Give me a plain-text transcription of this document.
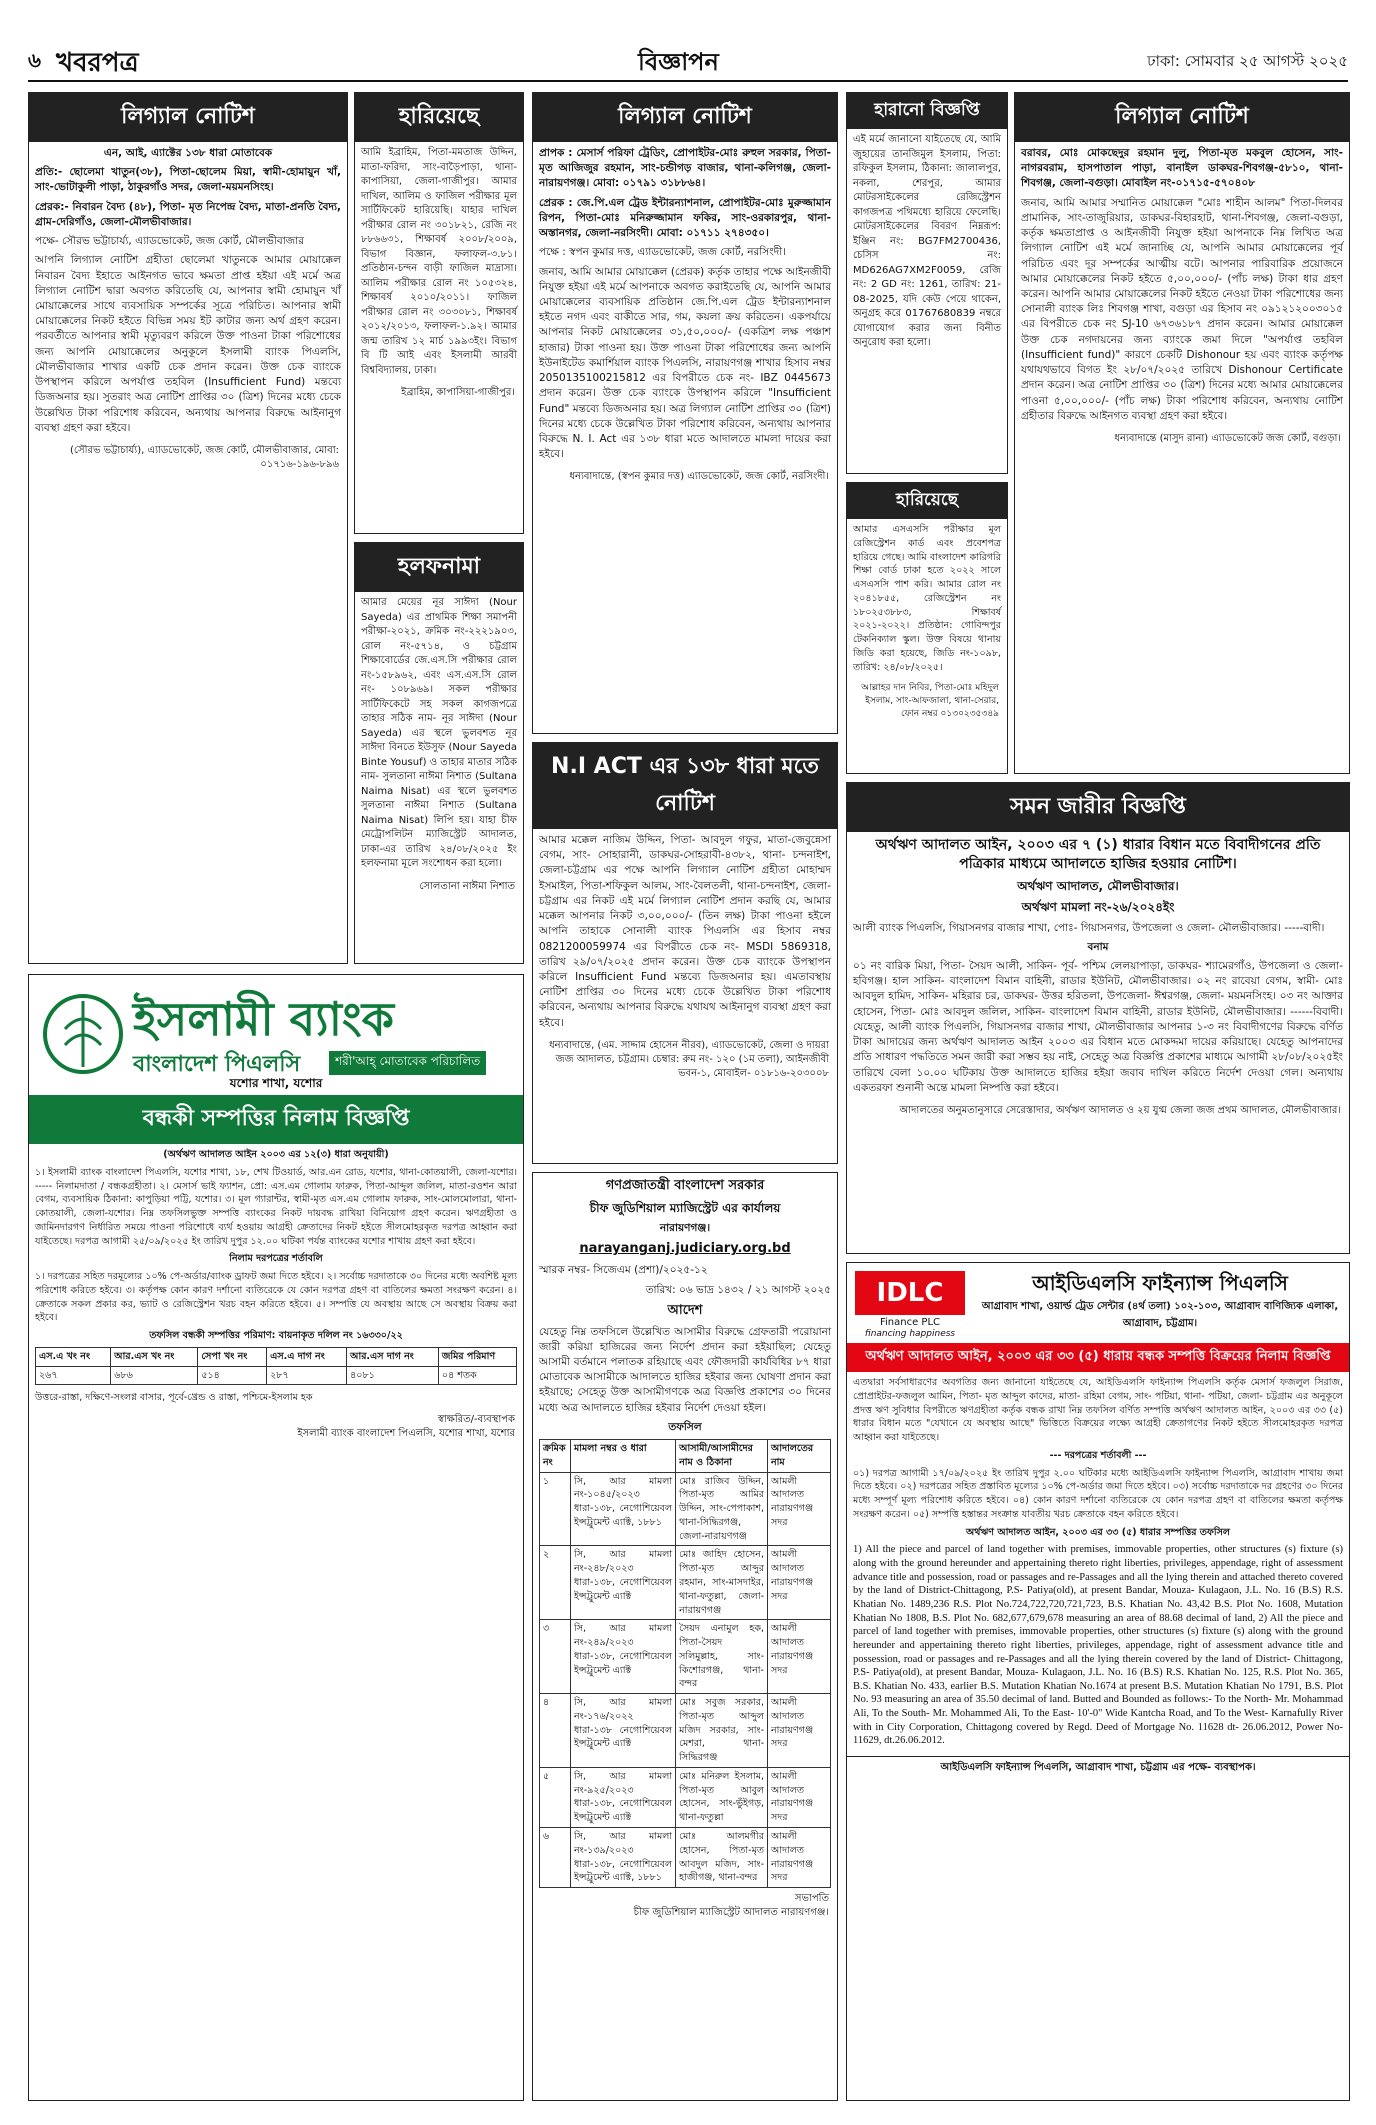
৬ খবরপত্র	বিজ্ঞাপন	ঢাকা: সোমবার ২৫ আগস্ট ২০২৫
লিগ্যাল নোটিশ

এন, আই, এ্যাক্টের ১৩৮ ধারা মোতাবেক

প্রতি:- ছোলেমা খাতুন(৩৮), পিতা-ছোলেম মিয়া, স্বামী-হোমায়ুন খাঁ, সাং-ভোটাকুলী পাড়া, ঠাকুরগাঁও সদর, জেলা-ময়মনসিংহ।

প্রেরক:- নিবারন বৈদ্য (৪৮), পিতা- মৃত নিপেন্দ্র বৈদ্য, মাতা-প্রনতি বৈদ্য, গ্রাম-দেরিগাঁও, জেলা-মৌলভীবাজার।

পক্ষে- সৌরভ ভট্টাচার্য্য, এ্যাডভোকেট, জজ কোর্ট, মৌলভীবাজার

আপনি লিগ্যাল নোটিশ গ্রহীতা ছোলেমা খাতুনকে আমার মোয়াক্কেল নিবারন বৈদ্য ইহাতে আইনগত ভাবে ক্ষমতা প্রাপ্ত হইয়া এই মর্মে অত্র লিগ্যাল নোটিশ দ্বারা অবগত করিতেছি যে, আপনার স্বামী হোমায়ুন খাঁ মোয়াক্কেলের সাথে ব্যবসায়িক সম্পর্কের সূত্রে পরিচিত। আপনার স্বামী মোয়াক্কেলের নিকট হইতে বিভিন্ন সময় ইট কাটার জন্য অর্থ গ্রহণ করেন। পরবর্তীতে আপনার স্বামী মৃত্যুবরণ করিলে উক্ত পাওনা টাকা পরিশোধের জন্য আপনি মোয়াক্কেলের অনুকূলে ইসলামী ব্যাংক পিএলসি, মৌলভীবাজার শাখার একটি চেক প্রদান করেন। উক্ত চেক ব্যাংকে উপস্থাপন করিলে অপর্যাপ্ত তহবিল (Insufficient Fund) মন্তব্যে ডিজঅনার হয়। সুতরাং অত্র নোটিশ প্রাপ্তির ৩০ (ত্রিশ) দিনের মধ্যে চেকে উল্লেখিত টাকা পরিশোধ করিবেন, অন্যথায় আপনার বিরুদ্ধে আইনানুগ ব্যবস্থা গ্রহণ করা হইবে।

(সৌরভ ভট্টাচার্য্য), এ্যাডভোকেট, জজ কোর্ট, মৌলভীবাজার, মোবা: ০১৭১৬-১৯৬-৮৯৬
হারিয়েছে

আমি ইব্রাহিম, পিতা-মমতাজ উদ্দিন, মাতা-ফরিদা, সাং-বাড়ৈপাড়া, থানা-কাপাসিয়া, জেলা-গাজীপুর। আমার দাখিল, আলিম ও ফাজিল পরীক্ষার মূল সার্টিফিকেট হারিয়েছি। যাহার দাখিল পরীক্ষার রোল নং ৩০১৮২১, রেজি নং ৮৮৬৬৩১, শিক্ষাবর্ষ ২০০৮/২০০৯, বিভাগ বিজ্ঞান, ফলাফল-৩.৮১। প্রতিষ্ঠান-চন্দন বাড়ী ফাজিল মাদ্রাসা। আলিম পরীক্ষার রোল নং ১০৫৩২৪, শিক্ষাবর্ষ ২০১০/২০১১। ফাজিল পরীক্ষার রোল নং ৩০৩০৮১, শিক্ষাবর্ষ ২০১২/২০১৩, ফলাফল-১.৯২। আমার জন্ম তারিখ ১২ মার্চ ১৯৯৩ইং। বিভাগ বি টি আই এবং ইসলামী আরবী বিশ্ববিদ্যালয়, ঢাকা।

ইব্রাহিম, কাপাসিয়া-গাজীপুর।
হলফনামা

আমার মেয়ের নূর সাঈদা (Nour Sayeda) এর প্রাথমিক শিক্ষা সমাপনী পরীক্ষা-২০২১, ক্রমিক নং-২২২১৯০৩, রোল নং-৫৭১৪, ও চট্টগ্রাম শিক্ষাবোর্ডের জে.এস.সি পরীক্ষার রোল নং-১৫৮৯৬২, এবং এস.এস.সি রোল নং- ১০৮৯৬৯। সকল পরীক্ষার সার্টিফিকেটে সহ সকল কাগজপত্রে তাহার সঠিক নাম- নূর সাঈদা (Nour Sayeda) এর স্থলে ভুলবশত নূর সাঈদা বিনতে ইউসুফ (Nour Sayeda Binte Yousuf) ও তাহার মাতার সঠিক নাম- সুলতানা নাঈমা নিশাত (Sultana Naima Nisat) এর স্থলে ভুলবশত সুলতানা নাঈমা নিশাত (Sultana Naima Nisat) লিপি হয়। যাহা চীফ মেট্রোপলিটন ম্যাজিস্ট্রেট আদালত, ঢাকা-এর তারিখ ২৪/০৮/২০২৫ ইং হলফনামা মূলে সংশোধন করা হলো।

সোলতানা নাঈমা নিশাত
ইসলামী ব্যাংক
বাংলাদেশ পিএলসি	শরী'আহ্ মোতাবেক পরিচালিত
যশোর শাখা, যশোর
বন্ধকী সম্পত্তির নিলাম বিজ্ঞপ্তি

(অর্থঋণ আদালত আইন ২০০৩ এর ১২(৩) ধারা অনুযায়ী)

১। ইসলামী ব্যাংক বাংলাদেশ পিএলসি, যশোর শাখা, ১৮, শেখ টিওয়ার্ড, আর.এন রোড, যশোর, থানা-কোতয়ালী, জেলা-যশোর। ----- নিলামদাতা / বন্ধকগ্রহীতা। ২। মেসার্স ভাই ফ্যাশন, প্রো: এস.এম গোলাম ফারুক, পিতা-আব্দুল জলিল, মাতা-রওশন আরা বেগম, ব্যবসায়িক ঠিকানা: কাপুড়িয়া পট্টি, যশোর। ৩। মূল গ্যারান্টর, স্বামী-মৃত এস.এম গোলাম ফারুক, সাং-মোলমোলারা, থানা-কোতয়ালী, জেলা-যশোর। নিম্ন তফসিলভুক্ত সম্পত্তি ব্যাংকের নিকট দায়বদ্ধ রাখিয়া বিনিয়োগ গ্রহণ করেন। ঋণগ্রহীতা ও জামিনদারগণ নির্ধারিত সময়ে পাওনা পরিশোধে ব্যর্থ হওয়ায় আগ্রহী ক্রেতাদের নিকট হইতে সীলমোহরকৃত দরপত্র আহ্বান করা যাইতেছে। দরপত্র আগামী ২৫/০৯/২০২৫ ইং তারিখ দুপুর ১২.০০ ঘটিকা পর্যন্ত ব্যাংকের যশোর শাখায় গ্রহণ করা হইবে।

নিলাম দরপত্রের শর্তাবলি

১। দরপত্রের সহিত দরমূল্যের ১০% পে-অর্ডার/ব্যাংক ড্রাফট জমা দিতে হইবে। ২। সর্বোচ্চ দরদাতাকে ৩০ দিনের মধ্যে অবশিষ্ট মূল্য পরিশোধ করিতে হইবে। ৩। কর্তৃপক্ষ কোন কারণ দর্শানো ব্যতিরেকে যে কোন দরপত্র গ্রহণ বা বাতিলের ক্ষমতা সংরক্ষণ করেন। ৪। ক্রেতাকে সকল প্রকার কর, ভ্যাট ও রেজিস্ট্রেশন খরচ বহন করিতে হইবে। ৫। সম্পত্তি যে অবস্থায় আছে সে অবস্থায় বিক্রয় করা হইবে।

তফসিল বন্ধকী সম্পত্তির পরিমাণ: বায়নাকৃত দলিল নং ১৬৩৩০/২২

এস.এ খং নং	আর.এস খং নং	সেপা খং নং	এস.এ দাগ নং	আর.এস দাগ নং	জমির পরিমাণ
২৬৭	৬৮৬	৫১৪	২৮৭	৪০৮১	০৪ শতক

উত্তরে-রাস্তা, দক্ষিণে-সংলগ্ন বাসার, পূর্বে-খ্রেন্ড ও রাস্তা, পশ্চিমে-ইসলাম হক

স্বাক্ষরিত/-ব্যবস্থাপক
ইসলামী ব্যাংক বাংলাদেশ পিএলসি, যশোর শাখা, যশোর
লিগ্যাল নোটিশ

প্রাপক : মেসার্স পরিফা ট্রেডিং, প্রোপাইটর-মোঃ রুহুল সরকার, পিতা-মৃত আজিজুর রহমান, সাং-চন্ডীগড় বাজার, থানা-কলিগঞ্জ, জেলা-নারায়ণগঞ্জ। মোবা: ০১৭৯১ ৩১৮৮৬৪।

প্রেরক : জে.পি.এল ট্রেড ইন্টারন্যাশনাল, প্রোপাইটর-মোঃ মুরুজ্জামান রিপন, পিতা-মোঃ মনিরুজ্জামান ফকির, সাং-ওরকারপুর, থানা-অস্তানগর, জেলা-নরসিংদী। মোবা: ০১৭১১ ২৭৪৩৫০।

পক্ষে : স্বপন কুমার দত্ত, এ্যাডভোকেট, জজ কোর্ট, নরসিংদী।

জনাব, আমি আমার মোয়াক্কেল (প্রেরক) কর্তৃক তাহার পক্ষে আইনজীবী নিযুক্ত হইয়া এই মর্মে আপনাকে অবগত করাইতেছি যে, আপনি আমার মোয়াক্কেলের ব্যবসায়িক প্রতিষ্ঠান জে.পি.এল ট্রেড ইন্টারন্যাশনাল হইতে নগদ এবং বাকীতে সার, গম, কয়লা ক্রয় করিতেন। একপর্যায়ে আপনার নিকট মোয়াক্কেলের ৩১,৫০,০০০/- (একত্রিশ লক্ষ পঞ্চাশ হাজার) টাকা পাওনা হয়। উক্ত পাওনা টাকা পরিশোধের জন্য আপনি ইউনাইটেড কমার্শিয়াল ব্যাংক পিএলসি, নারায়ণগঞ্জ শাখার হিসাব নম্বর 2050135100215812 এর বিপরীতে চেক নং- IBZ 0445673 প্রদান করেন। উক্ত চেক ব্যাংকে উপস্থাপন করিলে "Insufficient Fund" মন্তব্যে ডিজঅনার হয়। অত্র লিগ্যাল নোটিশ প্রাপ্তির ৩০ (ত্রিশ) দিনের মধ্যে চেকে উল্লেখিত টাকা পরিশোধ করিবেন, অন্যথায় আপনার বিরুদ্ধে N. I. Act এর ১৩৮ ধারা মতে আদালতে মামলা দায়ের করা হইবে।

ধন্যবাদান্তে, (স্বপন কুমার দত্ত) এ্যাডভোকেট, জজ কোর্ট, নরসিংদী।
N.I ACT এর ১৩৮ ধারা মতে নোটিশ

আমার মক্কেল নাজিম উদ্দিন, পিতা- আবদুল গফুর, মাতা-জেবুন্নেসা বেগম, সাং- সোহারানী, ডাকঘর-সোহরাবী-৪৩৮২, থানা- চন্দনাইশ, জেলা-চট্টগ্রাম এর পক্ষে আপনি লিগ্যাল নোটিশ গ্রহীতা মোহাম্মদ ইসমাইল, পিতা-শফিকুল আলম, সাং-বৈলতলী, থানা-চন্দনাইশ, জেলা-চট্টগ্রাম এর নিকট এই মর্মে লিগ্যাল নোটিশ প্রদান করছি যে, আমার মক্কেল আপনার নিকট ৩,০০,০০০/- (তিন লক্ষ) টাকা পাওনা হইলে আপনি তাহাকে সোনালী ব্যাংক পিএলসি এর হিসাব নম্বর 0821200059974 এর বিপরীতে চেক নং- MSDI 5869318, তারিখ ২৯/০৭/২০২৫ প্রদান করেন। উক্ত চেক ব্যাংকে উপস্থাপন করিলে Insufficient Fund মন্তব্যে ডিজঅনার হয়। এমতাবস্থায় নোটিশ প্রাপ্তির ৩০ দিনের মধ্যে চেকে উল্লেখিত টাকা পরিশোধ করিবেন, অন্যথায় আপনার বিরুদ্ধে যথাযথ আইনানুগ ব্যবস্থা গ্রহণ করা হইবে।

ধন্যবাদান্তে, (এম. সাদ্দাম হোসেন নীরব), এ্যাডভোকেট, জেলা ও দায়রা জজ আদালত, চট্টগ্রাম। চেম্বার: রুম নং- ১২০ (১ম তলা), আইনজীবী ভবন-১, মোবাইল- ০১৮১৬-২০৩০০৮

গণপ্রজাতন্ত্রী বাংলাদেশ সরকার

চীফ জুডিশিয়াল ম্যাজিস্ট্রেট এর কার্যালয়

নারায়ণগঞ্জ।

narayanganj.judiciary.org.bd

স্মারক নম্বর- সিজেএম (প্রশা)/২০২৫-১২

তারিখ: ০৬ ভাদ্র ১৪৩২ / ২১ আগস্ট ২০২৫

আদেশ

যেহেতু নিম্ন তফসিলে উল্লেখিত আসামীর বিরুদ্ধে গ্রেফতারী পরোয়ানা জারী করিয়া হাজিরের জন্য নির্দেশ প্রদান করা হইয়াছিল; যেহেতু আসামী বর্তমানে পলাতক রহিয়াছে এবং ফৌজদারী কার্যবিধির ৮৭ ধারা মোতাবেক আসামীকে আদালতে হাজির হইবার জন্য ঘোষণা প্রদান করা হইয়াছে; সেহেতু উক্ত আসামীগণকে অত্র বিজ্ঞপ্তি প্রকাশের ৩০ দিনের মধ্যে অত্র আদালতে হাজির হইবার নির্দেশ দেওয়া হইল।

তফসিল

ক্রমিক নং	মামলা নম্বর ও ধারা	আসামী/আসামীদের নাম ও ঠিকানা	আদালতের নাম
১	সি, আর মামলা নং-১০৪৫/২০২৩ ধারা-১৩৮, নেগোশিয়েবল ইন্সট্রুমেন্ট এ্যাক্ট, ১৮৮১	মোঃ রাজিব উদ্দিন, পিতা-মৃত আমির উদ্দিন, সাং-পেপাকাশ, থানা-সিদ্ধিরগঞ্জ, জেলা-নারায়ণগঞ্জ	আমলী আদালত নারায়ণগঞ্জ সদর
২	সি, আর মামলা নং-২৪৮/২০২৩ ধারা-১৩৮, নেগোশিয়েবল ইন্সট্রুমেন্ট এ্যাক্ট	মোঃ জাহিদ হোসেন, পিতা-মৃত আব্দুর রহমান, সাং-মাসদাইর, থানা-ফতুল্লা, জেলা-নারায়ণগঞ্জ	আমলী আদালত নারায়ণগঞ্জ সদর
৩	সি, আর মামলা নং-২৪৯/২০২৩ ধারা-১৩৮, নেগোশিয়েবল ইন্সট্রুমেন্ট এ্যাক্ট	সৈয়দ এনামুল হক, পিতা-সৈয়দ সলিমুল্লাহ, সাং-কিশোরগঞ্জ, থানা-বন্দর	আমলী আদালত নারায়ণগঞ্জ সদর
৪	সি, আর মামলা নং-১৭৬/২০২২ ধারা-১৩৮ নেগোশিয়েবল ইন্সট্রুমেন্ট এ্যাক্ট	মোঃ সবুজ সরকার, পিতা-মৃত আব্দুল মজিদ সরকার, সাং-মেশরা, থানা-সিদ্ধিরগঞ্জ	আমলী আদালত নারায়ণগঞ্জ সদর
৫	সি, আর মামলা নং-৯২৫/২০২৩ ধারা-১৩৮, নেগোশিয়েবল ইন্সট্রুমেন্ট এ্যাক্ট	মোঃ মনিরুল ইসলাম, পিতা-মৃত আবুল হোসেন, সাং-ভুঁইগড়, থানা-ফতুল্লা	আমলী আদালত নারায়ণগঞ্জ সদর
৬	সি, আর মামলা নং-১৩৯/২০২৩ ধারা-১৩৮, নেগোশিয়েবল ইন্সট্রুমেন্ট এ্যাক্ট, ১৮৮১	মোঃ আলমগীর হোসেন, পিতা-মৃত আবদুল মজিদ, সাং-হাজীগঞ্জ, থানা-বন্দর	আমলী আদালত নারায়ণগঞ্জ সদর
সভাপতি
চীফ জুডিশিয়াল ম্যাজিস্ট্রেট আদালত নারায়ণগঞ্জ।
হারানো বিজ্ঞপ্তি

এই মর্মে জানানো যাইতেছে যে, আমি জুহায়ের তানজিমুল ইসলাম, পিতা: রফিকুল ইসলাম, ঠিকানা: জালালপুর, নকলা, শেরপুর, আমার মোটরসাইকেলের রেজিস্ট্রেশন কাগজপত্র পথিমধ্যে হারিয়ে ফেলেছি। মোটরসাইকেলের বিবরণ নিম্নরূপ: ইঞ্জিন নং: BG7FM2700436, চেসিস নং: MD626AG7XM2F0059, রেজি নং: 2 GD নং: 1261, তারিখ: 21-08-2025, যদি কেউ পেয়ে থাকেন, অনুগ্রহ করে 01767680839 নম্বরে যোগাযোগ করার জন্য বিনীত অনুরোধ করা হলো।

হারিয়েছে

আমার এসএসসি পরীক্ষার মূল রেজিস্ট্রেশন কার্ড এবং প্রবেশপত্র হারিয়ে গেছে। আমি বাংলাদেশ কারিগরি শিক্ষা বোর্ড ঢাকা হতে ২০২২ সালে এসএসসি পাশ করি। আমার রোল নং ২০৪১৮৫৫, রেজিস্ট্রেশন নং ১৮০২৫৩৮৮৩, শিক্ষাবর্ষ ২০২১-২০২২। প্রতিষ্ঠান: গোবিন্দপুর টেকনিক্যাল স্কুল। উক্ত বিষয়ে থানায় জিডি করা হয়েছে, জিডি নং-১০৯৮, তারিখ: ২৪/০৮/২০২৫।

আল্লাহর দান নিবির, পিতা-মোঃ মহিদুল ইসলাম, সাং-আফজালা, থানা-সেরার, ফোন নম্বর ০১৩০২৩৫৩৪৯
লিগ্যাল নোটিশ

বরাবর, মোঃ মোকছেদুর রহমান দুলু, পিতা-মৃত মকবুল হোসেন, সাং-নাগরবরাম, হাসপাতাল পাড়া, বানাইল ডাকঘর-শিবগঞ্জ-৫৮১০, থানা-শিবগঞ্জ, জেলা-বগুড়া। মোবাইল নং-০১৭১৫-৫৭০৪০৮

জনাব, আমি আমার সম্মানিত মোয়াক্কেল "মোঃ শাহীন আলম" পিতা-দিলবর প্রামানিক, সাং-তাজুরিয়ার, ডাকঘর-বিহারহাট, থানা-শিবগঞ্জ, জেলা-বগুড়া, কর্তৃক ক্ষমতাপ্রাপ্ত ও আইনজীবী নিযুক্ত হইয়া আপনাকে নিম্ন লিখিত অত্র লিগ্যাল নোটিশ এই মর্মে জানাচ্ছি যে, আপনি আমার মোয়াক্কেলের পূর্ব পরিচিত এবং দূর সম্পর্কের আত্মীয় বটে। আপনার পারিবারিক প্রয়োজনে আমার মোয়াক্কেলের নিকট হইতে ৫,০০,০০০/- (পাঁচ লক্ষ) টাকা ধার গ্রহণ করেন। আপনি আমার মোয়াক্কেলের নিকট হইতে নেওয়া টাকা পরিশোধের জন্য সোনালী ব্যাংক লিঃ শিবগঞ্জ শাখা, বগুড়া এর হিসাব নং ০৯১২১২০০৩০১৫ এর বিপরীতে চেক নং SJ-10 ৬৭৩৬১৮৭ প্রদান করেন। আমার মোয়াক্কেল উক্ত চেক নগদায়নের জন্য ব্যাংকে জমা দিলে "অপর্যাপ্ত তহবিল (Insufficient fund)" কারণে চেকটি Dishonour হয় এবং ব্যাংক কর্তৃপক্ষ যথাযথভাবে বিগত ইং ২৮/০৭/২০২৫ তারিখে Dishonour Certificate প্রদান করেন। অত্র নোটিশ প্রাপ্তির ৩০ (ত্রিশ) দিনের মধ্যে আমার মোয়াক্কেলের পাওনা ৫,০০,০০০/- (পাঁচ লক্ষ) টাকা পরিশোধ করিবেন, অন্যথায় নোটিশ গ্রহীতার বিরুদ্ধে আইনগত ব্যবস্থা গ্রহণ করা হইবে।

ধন্যবাদান্তে (মাসুদ রানা) এ্যাডভোকেট জজ কোর্ট, বগুড়া।
সমন জারীর বিজ্ঞপ্তি

অর্থঋণ আদালত আইন, ২০০৩ এর ৭ (১) ধারার বিধান মতে বিবাদীগনের প্রতি পত্রিকার মাধ্যমে আদালতে হাজির হওয়ার নোটিশ।

অর্থঋণ আদালত, মৌলভীবাজার।

অর্থঋণ মামলা নং-২৬/২০২৪ইং

আলী ব্যাংক পিএলসি, গিয়াসনগর বাজার শাখা, পোঃ- গিয়াসনগর, উপজেলা ও জেলা- মৌলভীবাজার। -----বাদী।

বনাম

০১ নং বারিক মিয়া, পিতা- সৈয়দ আলী, সাকিন- পূর্ব- পশ্চিম লেলয়াপাড়া, ডাকঘর- শ্যামেরগাঁও, উপজেলা ও জেলা- হবিগঞ্জ। হাল সাকিন- বাংলাদেশ বিমান বাহিনী, রাডার ইউনিট, মৌলভীবাজার। ০২ নং রাবেয়া বেগম, স্বামী- মোঃ আবদুল হামিদ, সাকিন- মহিরার চর, ডাকঘর- উত্তর হরিতলা, উপজেলা- ঈশ্বরগঞ্জ, জেলা- ময়মনসিংহ। ০৩ নং আক্তার হোসেন, পিতা- মোঃ আবদুল জলিল, সাকিন- বাংলাদেশ বিমান বাহিনী, রাডার ইউনিট, মৌলভীবাজার। ------বিবাদী। যেহেতু, আলী ব্যাংক পিএলসি, গিয়াসনগর বাজার শাখা, মৌলভীবাজার আপনার ১-৩ নং বিবাদীগণের বিরুদ্ধে বর্ণিত টাকা আদায়ের জন্য অর্থঋণ আদালত আইন ২০০৩ এর বিধান মতে মোকদ্দমা দায়ের করিয়াছে। যেহেতু আপনাদের প্রতি সাধারণ পদ্ধতিতে সমন জারী করা সম্ভব হয় নাই, সেহেতু অত্র বিজ্ঞপ্তি প্রকাশের মাধ্যমে আগামী ২৮/০৮/২০২৫ইং তারিখে বেলা ১০.০০ ঘটিকায় উক্ত আদালতে হাজির হইয়া জবাব দাখিল করিতে নির্দেশ দেওয়া গেল। অন্যথায় একতরফা শুনানী অন্তে মামলা নিষ্পত্তি করা হইবে।

আদালতের অনুমতানুসারে সেরেস্তাদার, অর্থঋণ আদালত ও ২য় যুগ্ম জেলা জজ প্রথম আদালত, মৌলভীবাজার।
IDLC
Finance PLC
financing happiness
আইডিএলসি ফাইন্যান্স পিএলসি
আগ্রাবাদ শাখা, ওয়ার্ল্ড ট্রেড সেন্টার (৪র্থ তলা) ১০২-১০৩, আগ্রাবাদ বাণিজ্যিক এলাকা, আগ্রাবাদ, চট্টগ্রাম।
অর্থঋণ আদালত আইন, ২০০৩ এর ৩৩ (৫) ধারায় বন্ধক সম্পত্তি বিক্রয়ের নিলাম বিজ্ঞপ্তি

এতদ্বারা সর্বসাধারণের অবগতির জন্য জানানো যাইতেছে যে, আইডিএলসি ফাইন্যান্স পিএলসি কর্তৃক মেসার্স ফজলুল সিরাজ, প্রোপ্রাইটর-ফজলুল আমিন, পিতা- মৃত আব্দুল কাদের, মাতা- রহিমা বেগম, সাং- পটিয়া, থানা- পটিয়া, জেলা- চট্টগ্রাম এর অনুকূলে প্রদত্ত ঋণ সুবিধার বিপরীতে ঋণগ্রহীতা কর্তৃক বন্ধক রাখা নিম্ন তফসিল বর্ণিত সম্পত্তি অর্থঋণ আদালত আইন, ২০০৩ এর ৩৩ (৫) ধারার বিধান মতে "যেখানে যে অবস্থায় আছে" ভিত্তিতে বিক্রয়ের লক্ষ্যে আগ্রহী ক্রেতাগণের নিকট হইতে সীলমোহরকৃত দরপত্র আহ্বান করা যাইতেছে।

--- দরপত্রের শর্তাবলী ---

০১) দরপত্র আগামী ১৭/০৯/২০২৫ ইং তারিখ দুপুর ২.০০ ঘটিকার মধ্যে আইডিএলসি ফাইন্যান্স পিএলসি, আগ্রাবাদ শাখায় জমা দিতে হইবে। ০২) দরপত্রের সহিত প্রস্তাবিত মূল্যের ১০% পে-অর্ডার জমা দিতে হইবে। ০৩) সর্বোচ্চ দরদাতাকে দর গ্রহণের ৩০ দিনের মধ্যে সম্পূর্ণ মূল্য পরিশোধ করিতে হইবে। ০৪) কোন কারণ দর্শানো ব্যতিরেকে যে কোন দরপত্র গ্রহণ বা বাতিলের ক্ষমতা কর্তৃপক্ষ সংরক্ষণ করেন। ০৫) সম্পত্তি হস্তান্তর সংক্রান্ত যাবতীয় খরচ ক্রেতাকে বহন করিতে হইবে।

অর্থঋণ আদালত আইন, ২০০৩ এর ৩৩ (৫) ধারার সম্পত্তির তফসিল

1) All the piece and parcel of land together with premises, immovable properties, other structures (s) fixture (s) along with the ground hereunder and appertaining thereto right liberties, privileges, appendage, right of assessment advance title and possession, road or passages and re-Passages and all the lying therein and attached thereto covered by the land of District-Chittagong, P.S- Patiya(old), at present Bandar, Mouza- Kulagaon, J.L. No. 16 (B.S) R.S. Khatian No. 1489,236 R.S. Plot No.724,722,720,721,723, B.S. Khatian No. 43,42 B.S. Plot No. 1608, Mutation Khatian No 1808, B.S. Plot No. 682,677,679,678 measuring an area of 88.68 decimal of land, 2) All the piece and parcel of land together with premises, immovable properties, other structures (s) fixture (s) along with the ground hereunder and appertaining thereto right liberties, privileges, appendage, right of assessment advance title and possession, road or passages and re-Passages and all the lying therein covered by the land of District- Chittagong, P.S- Patiya(old), at present Bandar, Mouza- Kulagaon, J.L. No. 16 (B.S) R.S. Khatian No. 125, R.S. Plot No. 365, B.S. Khatian No. 433, earlier B.S. Mutation Khatian No.1674 at present B.S. Mutation Khatian No 1791, B.S. Plot No. 93 measuring an area of 35.50 decimal of land. Butted and Bounded as follows:- To the North- Mr. Mohammad Ali, To the South- Mr. Mohammed Ali, To the East- 10'-0" Wide Kantcha Road, and To the West- Karnafully River with in City Corporation, Chittagong covered by Regd. Deed of Mortgage No. 11628 dt- 26.06.2012, Power No-11629, dt.26.06.2012.

আইডিএলসি ফাইন্যান্স পিএলসি, আগ্রাবাদ শাখা, চট্টগ্রাম এর পক্ষে- ব্যবস্থাপক।
